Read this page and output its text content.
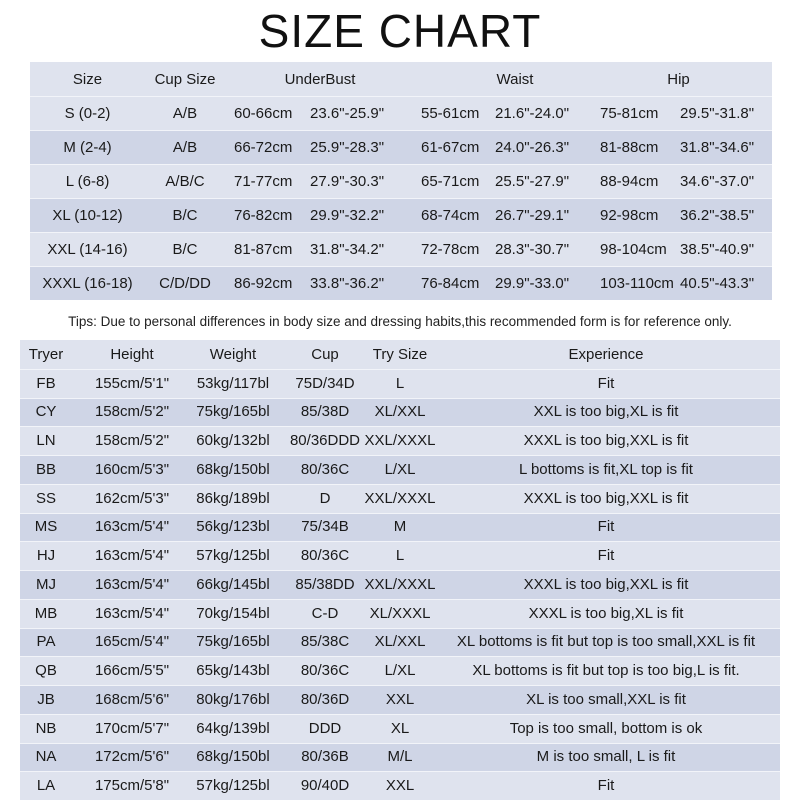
SIZE CHART
Size	Cup Size	UnderBust	Waist	Hip
S (0-2)	A/B	60-66cm	23.6"-25.9"	55-61cm	21.6"-24.0"	75-81cm	29.5"-31.8"
M (2-4)	A/B	66-72cm	25.9"-28.3"	61-67cm	24.0"-26.3"	81-88cm	31.8"-34.6"
L (6-8)	A/B/C	71-77cm	27.9"-30.3"	65-71cm	25.5"-27.9"	88-94cm	34.6"-37.0"
XL (10-12)	B/C	76-82cm	29.9"-32.2"	68-74cm	26.7"-29.1"	92-98cm	36.2"-38.5"
XXL (14-16)	B/C	81-87cm	31.8"-34.2"	72-78cm	28.3"-30.7"	98-104cm 38.5"-40.9"
XXXL (16-18)	C/D/DD	86-92cm	33.8"-36.2"	76-84cm	29.9"-33.0"	103-110cm 40.5"-43.3"
Tips: Due to personal differences in body size and dressing habits,this recommended form is for reference only.
Tryer	Height	Weight	Cup	Try Size	Experience
FB	155cm/5'1"	53kg/117bl	75D/34D	L	Fit
CY	158cm/5'2"	75kg/165bl	85/38D	XL/XXL	XXL is too big,XL is fit
LN	158cm/5'2"	60kg/132bl	80/36DDD XXL/XXXL	XXXL is too big,XXL is fit
BB	160cm/5'3"	68kg/150bl	80/36C	L/XL	L bottoms is fit,XL top is fit
SS	162cm/5'3"	86kg/189bl	D	XXL/XXXL	XXXL is too big,XXL is fit
MS	163cm/5'4"	56kg/123bl	75/34B	M	Fit
HJ	163cm/5'4"	57kg/125bl	80/36C	L	Fit
MJ	163cm/5'4"	66kg/145bl	85/38DD XXL/XXXL	XXXL is too big,XXL is fit
MB	163cm/5'4"	70kg/154bl	C-D	XL/XXXL	XXXL is too big,XL is fit
PA	165cm/5'4"	75kg/165bl	85/38C	XL/XXL	XL bottoms is fit but top is too small,XXL is fit
QB	166cm/5'5"	65kg/143bl	80/36C	L/XL	XL bottoms is fit but top is too big,L is fit.
JB	168cm/5'6"	80kg/176bl	80/36D	XXL	XL is too small,XXL is fit
NB	170cm/5'7"	64kg/139bl	DDD	XL	Top is too small, bottom is ok
NA	172cm/5'6"	68kg/150bl	80/36B	M/L	M is too small, L is fit
LA	175cm/5'8"	57kg/125bl	90/40D	XXL	Fit
